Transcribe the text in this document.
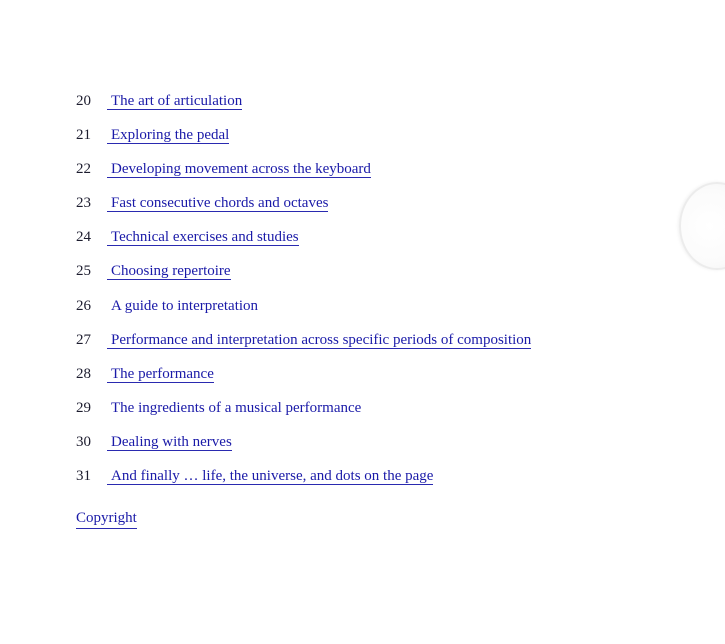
20 The art of articulation
21 Exploring the pedal
22 Developing movement across the keyboard
23 Fast consecutive chords and octaves
24 Technical exercises and studies
25 Choosing repertoire
26 A guide to interpretation
27 Performance and interpretation across specific periods of composition
28 The performance
29 The ingredients of a musical performance
30 Dealing with nerves
31 And finally … life, the universe, and dots on the page
Copyright
